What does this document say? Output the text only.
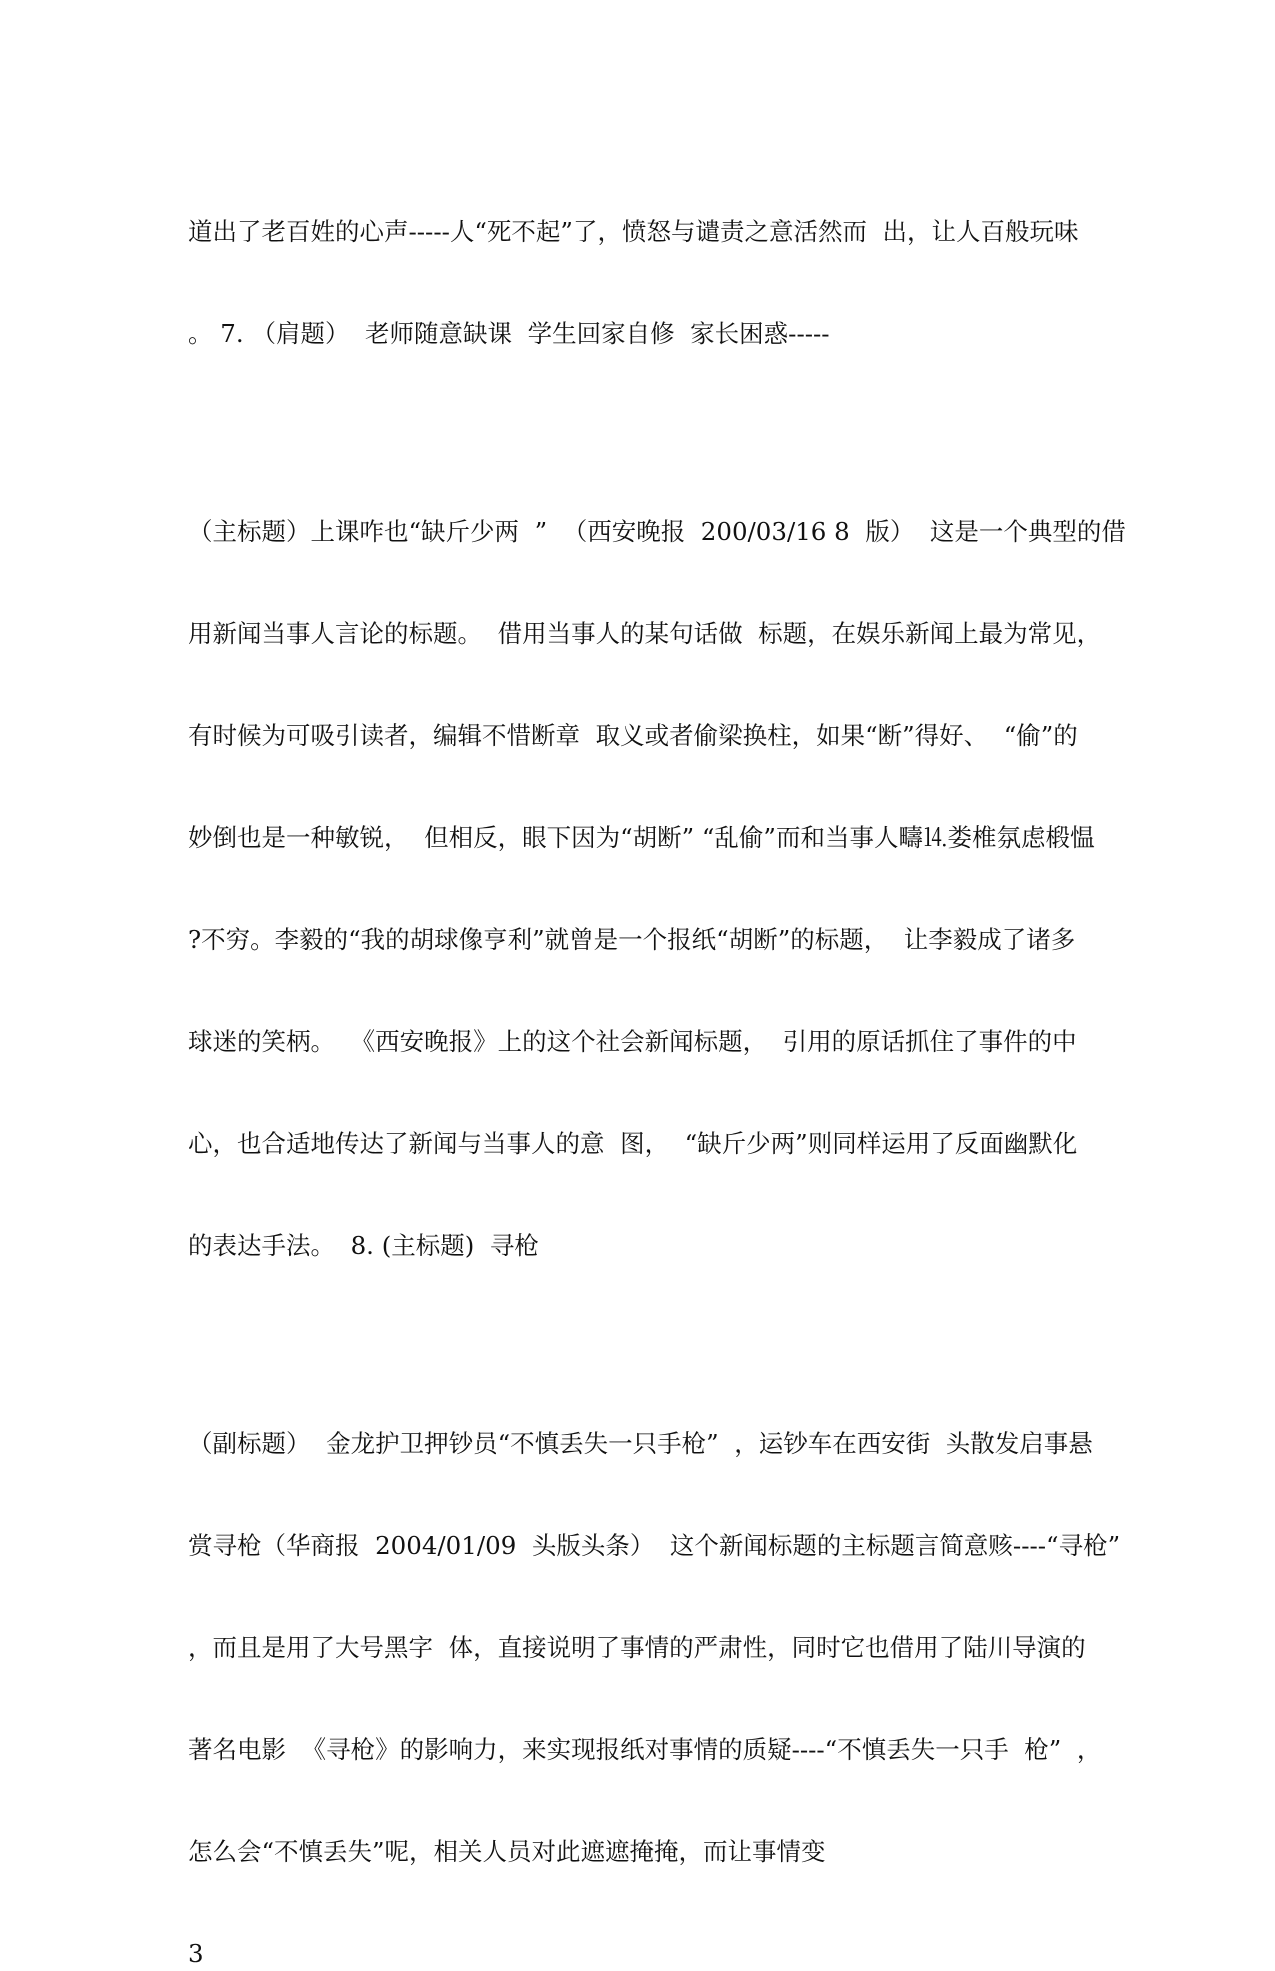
道出了老百姓的心声-----人“死不起”了，愤怒与谴责之意活然而  出，让人百般玩味

。 7. （肩题）  老师随意缺课  学生回家自修  家长困惑-----

（主标题）上课咋也“缺斤少两  ”  （西安晚报  200/03/16 8  版）  这是一个典型的借

用新闻当事人言论的标题。  借用当事人的某句话做  标题，在娱乐新闻上最为常见，

有时候为可吸引读者，编辑不惜断章  取义或者偷梁换柱，如果“断”得好、  “偷”的

妙倒也是一种敏锐，  但相反，眼下因为“胡断” “乱偷”而和当事人疇⒕娄椎氛虑椴愠

?不穷。李毅的“我的胡球像亨利”就曾是一个报纸“胡断”的标题，  让李毅成了诸多

球迷的笑柄。  《西安晚报》上的这个社会新闻标题，  引用的原话抓住了事件的中

心，也合适地传达了新闻与当事人的意  图，  “缺斤少两”则同样运用了反面幽默化

的表达手法。  8. (主标题)  寻枪

（副标题）  金龙护卫押钞员“不慎丢失一只手枪”  ，运钞车在西安街  头散发启事悬

赏寻枪（华商报  2004/01/09  头版头条）  这个新闻标题的主标题言简意赅----“寻枪”

，而且是用了大号黑字  体，直接说明了事情的严肃性，同时它也借用了陆川导演的

著名电影  《寻枪》的影响力，来实现报纸对事情的质疑----“不慎丢失一只手  枪”  ，

怎么会“不慎丢失”呢，相关人员对此遮遮掩掩，而让事情变

3
